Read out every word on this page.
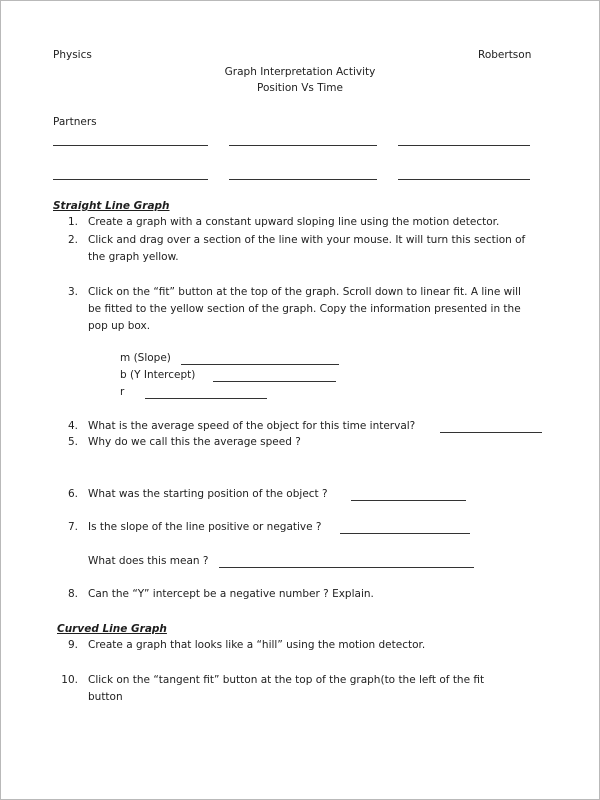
Physics	Robertson
Graph Interpretation Activity
Position Vs Time
Partners
Straight Line Graph
1. Create a graph with a constant upward sloping line using the motion detector.
2. Click and drag over a section of the line with your mouse. It will turn this section of
the graph yellow.
3. Click on the “fit” button at the top of the graph. Scroll down to linear fit. A line will
be fitted to the yellow section of the graph. Copy the information presented in the
pop up box.
m (Slope)
b (Y Intercept)
r
4. What is the average speed of the object for this time interval?
5. Why do we call this the average speed ?
6. What was the starting position of the object ?
7. Is the slope of the line positive or negative ?
What does this mean ?
8. Can the “Y” intercept be a negative number ? Explain.
Curved Line Graph
9. Create a graph that looks like a “hill” using the motion detector.
10. Click on the “tangent fit” button at the top of the graph(to the left of the fit
button
